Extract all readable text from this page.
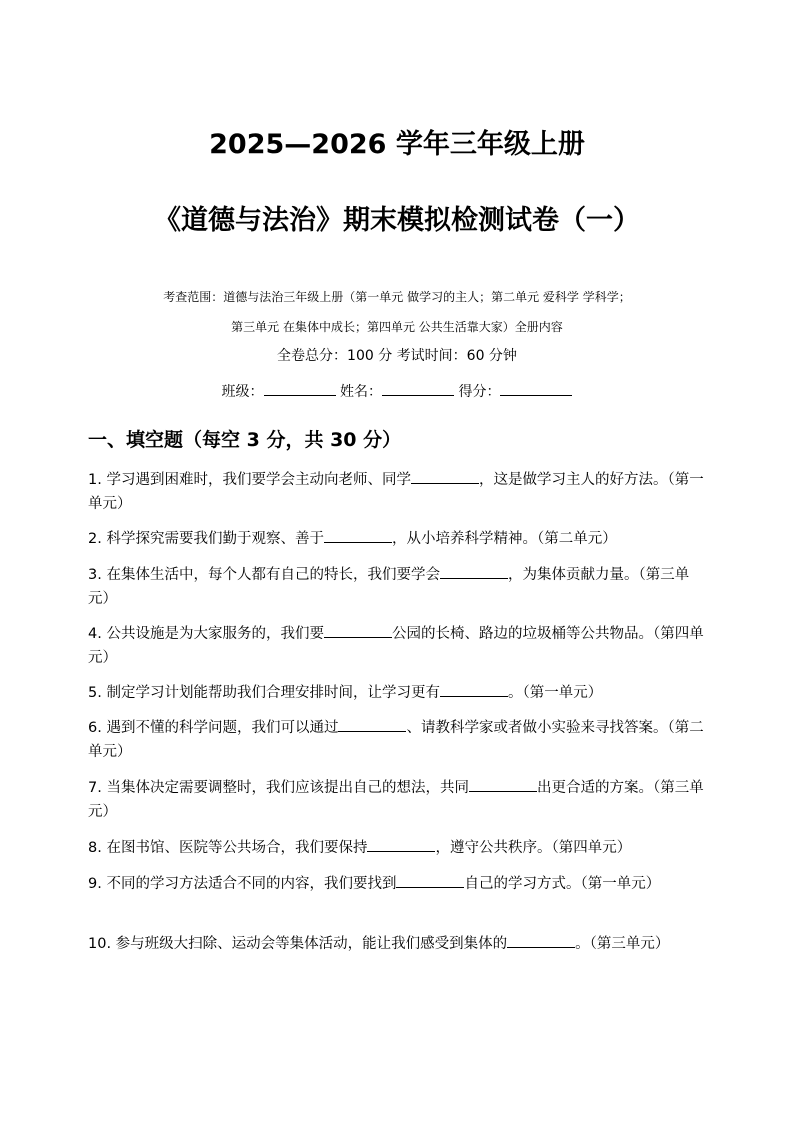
2025—2026 学年三年级上册
《道德与法治》期末模拟检测试卷（一）
考查范围：道德与法治三年级上册（第一单元 做学习的主人；第二单元 爱科学 学科学；
第三单元 在集体中成长；第四单元 公共生活靠大家）全册内容
全卷总分：100 分 考试时间：60 分钟
班级：	姓名：	得分：
一、填空题（每空 3 分，共 30 分）
1. 学习遇到困难时，我们要学会主动向老师、同学	，这是做学习主人的好方法。（第一单元）
2. 科学探究需要我们勤于观察、善于	，从小培养科学精神。（第二单元）
3. 在集体生活中，每个人都有自己的特长，我们要学会	，为集体贡献力量。（第三单元）
4. 公共设施是为大家服务的，我们要	公园的长椅、路边的垃圾桶等公共物品。（第四单元）
5. 制定学习计划能帮助我们合理安排时间，让学习更有	。（第一单元）
6. 遇到不懂的科学问题，我们可以通过	、请教科学家或者做小实验来寻找答案。（第二单元）
7. 当集体决定需要调整时，我们应该提出自己的想法，共同	出更合适的方案。（第三单元）
8. 在图书馆、医院等公共场合，我们要保持	，遵守公共秩序。（第四单元）
9. 不同的学习方法适合不同的内容，我们要找到	自己的学习方式。（第一单元）
10. 参与班级大扫除、运动会等集体活动，能让我们感受到集体的	。（第三单元）
